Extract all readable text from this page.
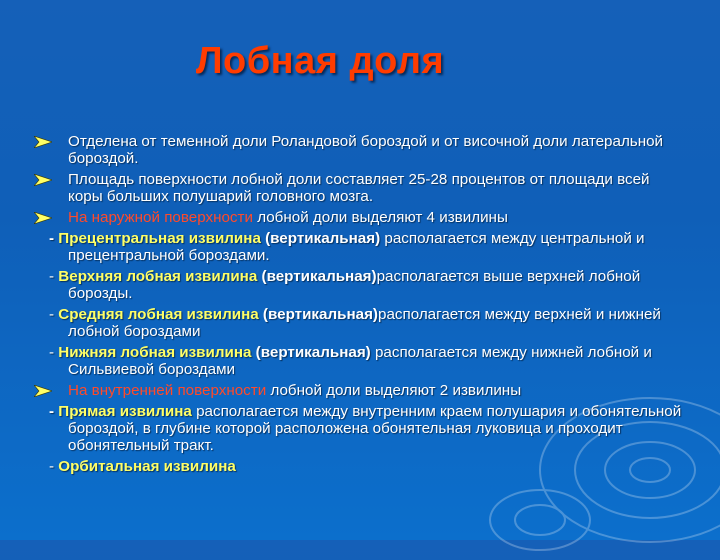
Лобная доля
Отделена от теменной доли Роландовой бороздой и от височной доли латеральной бороздой.
Площадь поверхности лобной доли составляет 25-28 процентов от площади всей коры больших полушарий головного мозга.
На наружной поверхности лобной доли выделяют 4 извилины
- Прецентральная извилина (вертикальная) располагается между центральной и прецентральной бороздами.
- Верхняя лобная извилина (вертикальная)располагается выше верхней лобной борозды.
- Средняя лобная извилина (вертикальная)располагается между верхней и нижней лобной бороздами
- Нижняя лобная извилина (вертикальная) располагается между нижней лобной и Сильвиевой бороздами
На внутренней поверхности лобной доли выделяют 2 извилины
- Прямая извилина располагается между внутренним краем полушария и обонятельной бороздой, в глубине которой расположена обонятельная луковица и проходит обонятельный тракт.
- Орбитальная извилина
